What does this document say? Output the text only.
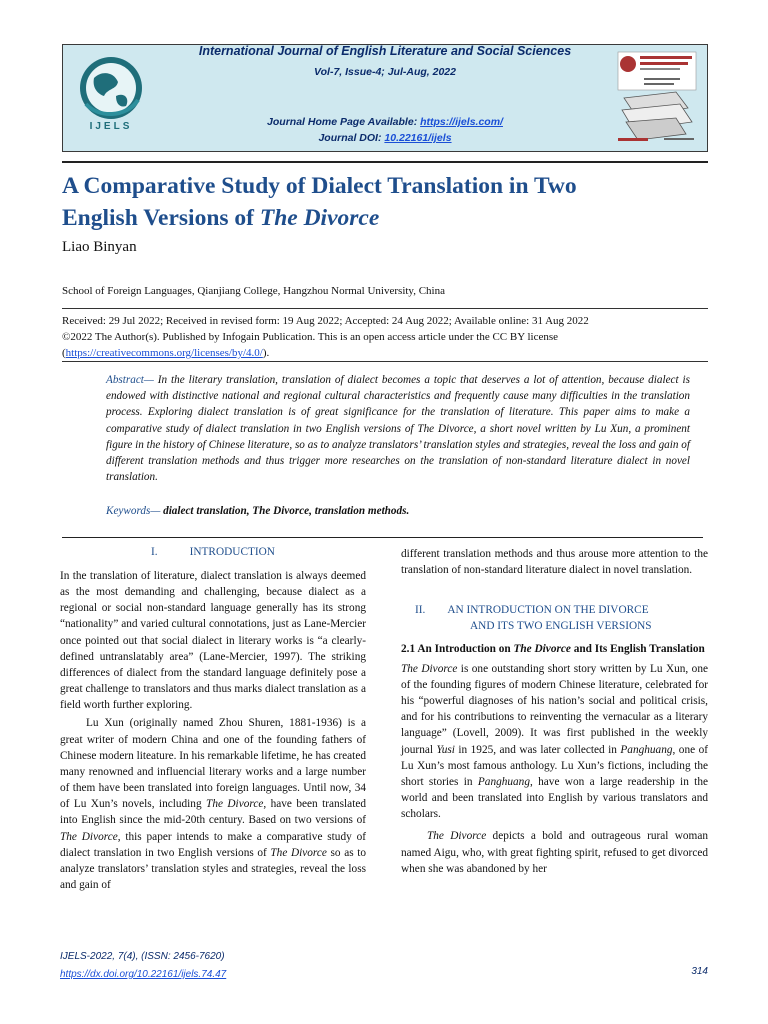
IJELS
International Journal of English Literature and Social Sciences
Vol-7, Issue-4; Jul-Aug, 2022
Journal Home Page Available: https://ijels.com/
Journal DOI: 10.22161/ijels
A Comparative Study of Dialect Translation in Two
English Versions of The Divorce
Liao Binyan
School of Foreign Languages, Qianjiang College, Hangzhou Normal University, China
Received: 29 Jul 2022; Received in revised form: 19 Aug 2022; Accepted: 24 Aug 2022; Available online: 31 Aug 2022
©2022 The Author(s). Published by Infogain Publication. This is an open access article under the CC BY license
(https://creativecommons.org/licenses/by/4.0/).
Abstract— In the literary translation, translation of dialect becomes a topic that deserves a lot of attention, because dialect is endowed with distinctive national and regional cultural characteristics and frequently cause many difficulties in the translation process. Exploring dialect translation is of great significance for the translation of literature. This paper aims to make a comparative study of dialect translation in two English versions of The Divorce, a short novel written by Lu Xun, a prominent figure in the history of Chinese literature, so as to analyze translators’ translation styles and strategies, reveal the loss and gain of different translation methods and thus trigger more researches on the translation of non-standard literature dialect in novel translation.
Keywords— dialect translation, The Divorce, translation methods.
I.	INTRODUCTION

In the translation of literature, dialect translation is always deemed as the most demanding and challenging, because dialect as a regional or social non-standard language generally has its strong “nationality” and varied cultural connotations, just as Lane-Mercier once pointed out that social dialect in literary works is “a clearly-defined untranslatably area” (Lane-Mercier, 1997). The striking differences of dialect from the standard language definitely pose a great challenge to translators and thus marks dialect translation as a field worth further exploring.

Lu Xun (originally named Zhou Shuren, 1881-1936) is a great writer of modern China and one of the founding fathers of Chinese modern liteature. In his remarkable lifetime, he has created many renowned and influencial literary works and a large number of them have been translated into foreign languages. Until now, 34 of Lu Xun’s novels, including The Divorce, have been translated into English since the mid-20th century. Based on two versions of The Divorce, this paper intends to make a comparative study of dialect translation in two English versions of The Divorce so as to analyze translators’ translation styles and strategies, reveal the loss and gain of

different translation methods and thus arouse more attention to the translation of non-standard literature dialect in novel translation.

II. AN INTRODUCTION ON THE DIVORCE
AND ITS TWO ENGLISH VERSIONS

2.1 An Introduction on The Divorce and Its English Translation

The Divorce is one outstanding short story written by Lu Xun, one of the founding figures of modern Chinese literature, celebrated for his “powerful diagnoses of his nation’s social and political crisis, and for his contributions to reinventing the vernacular as a literary language” (Lovell, 2009). It was first published in the weekly journal Yusi in 1925, and was later collected in Panghuang, one of Lu Xun’s most famous anthology. Lu Xun’s fictions, including the short stories in Panghuang, have won a large readership in the world and been translated into English by various translators and scholars.

The Divorce depicts a bold and outrageous rural woman named Aigu, who, with great fighting spirit, refused to get divorced when she was abandoned by her

IJELS-2022, 7(4), (ISSN: 2456-7620)
https://dx.doi.org/10.22161/ijels.74.47	314
